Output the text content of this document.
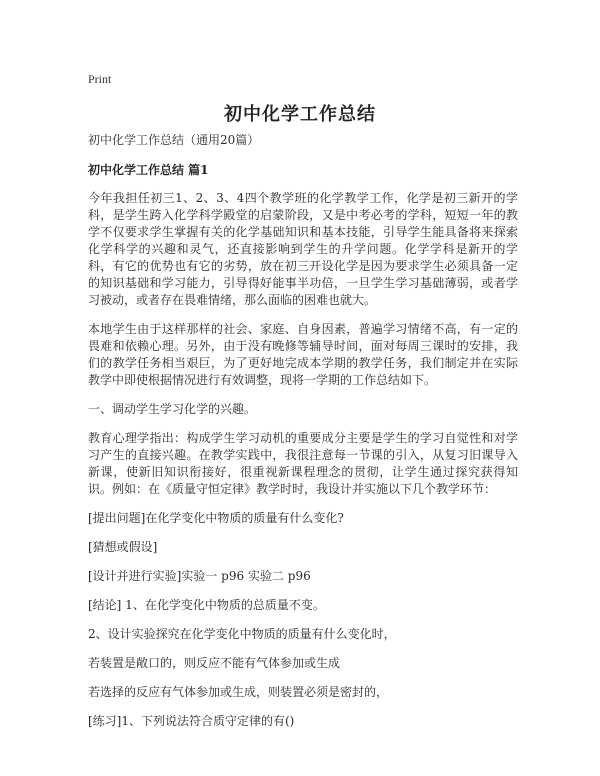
Print
初中化学工作总结

初中化学工作总结（通用20篇）

初中化学工作总结 篇1

今年我担任初三1、2、3、4四个教学班的化学教学工作，化学是初三新开的学科，是学生跨入化学科学殿堂的启蒙阶段，又是中考必考的学科，短短一年的教学不仅要求学生掌握有关的化学基础知识和基本技能，引导学生能具备将来探索化学科学的兴趣和灵气，还直接影响到学生的升学问题。化学学科是新开的学科，有它的优势也有它的劣势，放在初三开设化学是因为要求学生必须具备一定的知识基础和学习能力，引导得好能事半功倍，一旦学生学习基础薄弱，或者学习被动，或者存在畏难情绪，那么面临的困难也就大。

本地学生由于这样那样的社会、家庭、自身因素，普遍学习情绪不高，有一定的畏难和依赖心理。另外，由于没有晚修等辅导时间，面对每周三课时的安排，我们的教学任务相当艰巨，为了更好地完成本学期的教学任务，我们制定并在实际教学中即使根据情况进行有效调整，现将一学期的工作总结如下。

一、调动学生学习化学的兴趣。

教育心理学指出：构成学生学习动机的重要成分主要是学生的学习自觉性和对学习产生的直接兴趣。在教学实践中，我很注意每一节课的引入，从复习旧课导入新课，使新旧知识衔接好，很重视新课程理念的贯彻，让学生通过探究获得知识。例如：在《质量守恒定律》教学时时，我设计并实施以下几个教学环节：

[提出问题]在化学变化中物质的质量有什么变化?

[猜想或假设]

[设计并进行实验]实验一 p96 实验二 p96

[结论] 1、在化学变化中物质的总质量不变。

2、设计实验探究在化学变化中物质的质量有什么变化时，

若装置是敞口的，则反应不能有气体参加或生成

若选择的反应有气体参加或生成，则装置必须是密封的，

[练习]1、下列说法符合质守定律的有()
